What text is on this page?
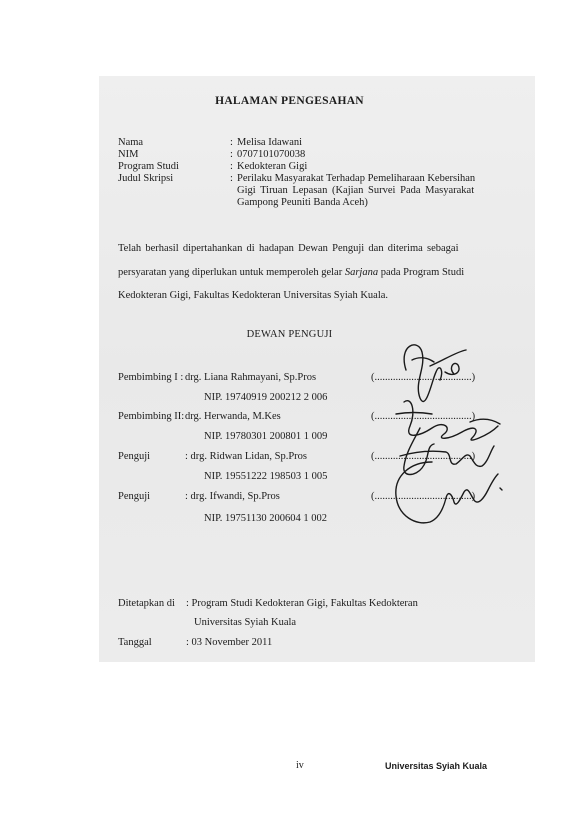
HALAMAN PENGESAHAN
Nama	: Melisa Idawani
NIM	: 0707101070038
Program Studi	: Kedokteran Gigi
Judul Skripsi	: Perilaku Masyarakat Terhadap Pemeliharaan Kebersihan
Gigi Tiruan Lepasan (Kajian Survei Pada Masyarakat
Gampong Peuniti Banda Aceh)
Telah berhasil dipertahankan di hadapan Dewan Penguji dan diterima sebagai
persyaratan yang diperlukan untuk memperoleh gelar Sarjana pada Program Studi
Kedokteran Gigi, Fakultas Kedokteran Universitas Syiah Kuala.
DEWAN PENGUJI
Pembimbing I : drg. Liana Rahmayani, Sp.Pros	(.....................................)
NIP. 19740919 200212 2 006
Pembimbing II: drg. Herwanda, M.Kes	(.....................................)
NIP. 19780301 200801 1 009
Penguji	: drg. Ridwan Lidan, Sp.Pros	(.....................................)
NIP. 19551222 198503 1 005
Penguji	: drg. Ifwandi, Sp.Pros	(.....................................)
NIP. 19751130 200604 1 002
Ditetapkan di : Program Studi Kedokteran Gigi, Fakultas Kedokteran
Universitas Syiah Kuala
Tanggal	: 03 November 2011
iv	Universitas Syiah Kuala
